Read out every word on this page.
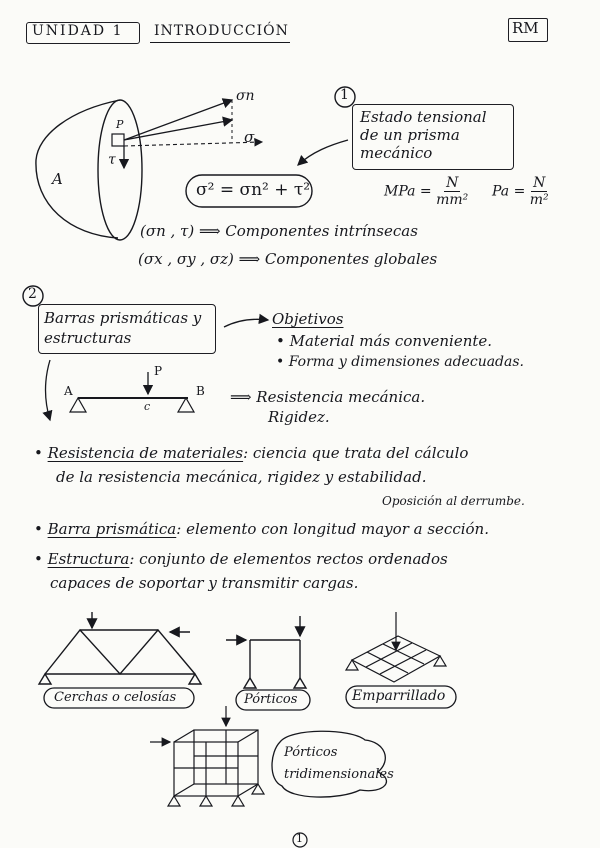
UNIDAD 1 INTRODUCCIÓN	RM
1
A
P
σn
σ
τ
Estado tensional de un prisma mecánico
σ² = σn² + τ²	MPa = $\frac{N}{\text{mm²}}$ $Pa = \frac{N}{\text{m²}}$
(σn , τ) ⟹ Componentes intrínsecas
(σx , σy , σz) ⟹ Componentes globales
2
Barras prismáticas y estructuras
Objetivos
• Material más conveniente.
• Forma y dimensiones adecuadas.
A	B
c
P
⟹ Resistencia mecánica.
Rigidez.
• Resistencia de materiales: ciencia que trata del cálculo
de la resistencia mecánica, rigidez y estabilidad.
Oposición al derrumbe.
• Barra prismática: elemento con longitud mayor a sección.
• Estructura: conjunto de elementos rectos ordenados
capaces de soportar y transmitir cargas.
Cerchas o celosías	Pórticos	Emparrillado
Pórticos tridimensionales
1
